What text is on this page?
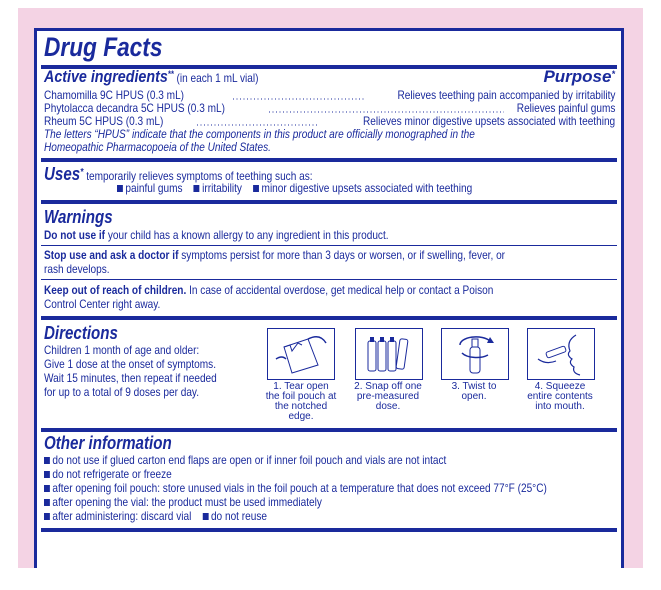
Drug Facts
Active ingredients** (in each 1 mL vial)	Purpose*
Chamomilla 9C HPUS (0.3 mL)	Relieves teething pain accompanied by irritability
Phytolacca decandra 5C HPUS (0.3 mL)	Relieves painful gums
Rheum 5C HPUS (0.3 mL)	Relieves minor digestive upsets associated with teething
The letters “HPUS” indicate that the components in this product are officially monographed in the
Homeopathic Pharmacopoeia of the United States.
Uses* temporarily relieves symptoms of teething such as:
painful gums irritability minor digestive upsets associated with teething
Warnings
Do not use if your child has a known allergy to any ingredient in this product.
Stop use and ask a doctor if symptoms persist for more than 3 days or worsen, or if swelling, fever, or
rash develops.
Keep out of reach of children. In case of accidental overdose, get medical help or contact a Poison
Control Center right away.
Directions
Children 1 month of age and older:
Give 1 dose at the onset of symptoms.
Wait 15 minutes, then repeat if needed
for up to a total of 9 doses per day.	1. Tear open the foil pouch at the notched edge.
2. Snap off one pre-measured dose.
3. Twist to open.
4. Squeeze entire contents into mouth.
Other information
do not use if glued carton end flaps are open or if inner foil pouch and vials are not intact
do not refrigerate or freeze
after opening foil pouch: store unused vials in the foil pouch at a temperature that does not exceed 77°F (25°C)
after opening the vial: the product must be used immediately
after administering: discard vial do not reuse
